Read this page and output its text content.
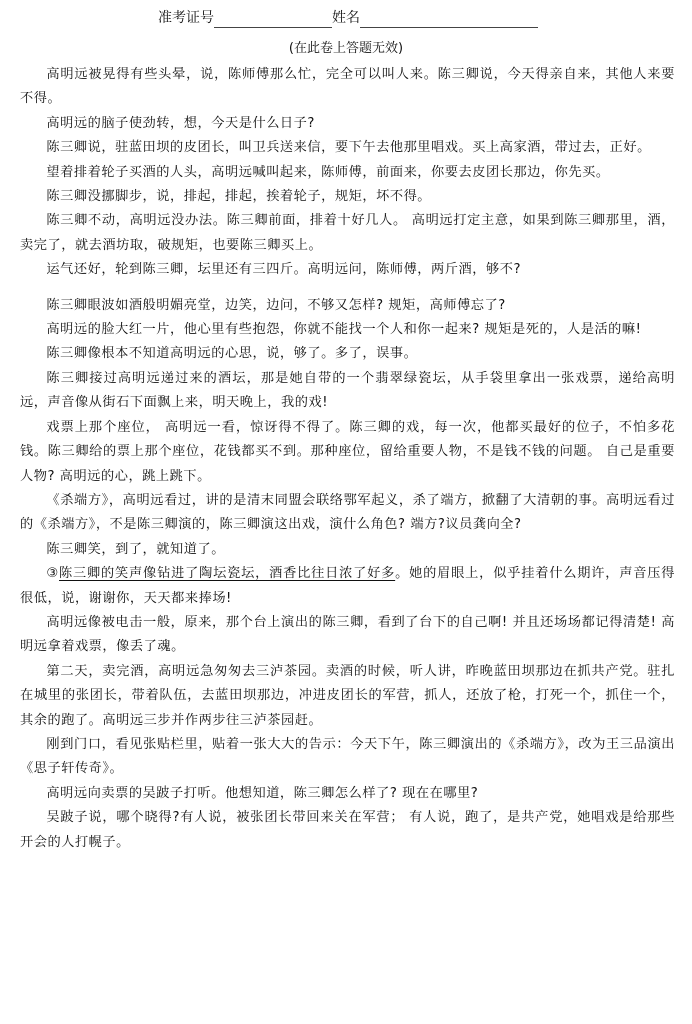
准考证号	姓名
(在此卷上答题无效)

高明远被晃得有些头晕，说，陈师傅那么忙，完全可以叫人来。陈三卿说，今天得亲自来，其他人来要不得。

高明远的脑子使劲转，想，今天是什么日子?

陈三卿说，驻蓝田坝的皮团长，叫卫兵送来信，要下午去他那里唱戏。买上高家酒，带过去，正好。

望着排着轮子买酒的人头，高明远喊叫起来，陈师傅，前面来，你要去皮团长那边，你先买。

陈三卿没挪脚步，说，排起，排起，挨着轮子，规矩，坏不得。

陈三卿不动，高明远没办法。陈三卿前面，排着十好几人。 高明远打定主意，如果到陈三卿那里，酒，卖完了，就去酒坊取，破规矩，也要陈三卿买上。

运气还好，轮到陈三卿，坛里还有三四斤。高明远问，陈师傅，两斤酒，够不?

陈三卿眼波如酒般明媚亮堂，边笑，边问，不够又怎样? 规矩，高师傅忘了?

高明远的脸大红一片，他心里有些抱怨，你就不能找一个人和你一起来? 规矩是死的，人是活的嘛!

陈三卿像根本不知道高明远的心思，说，够了。多了，误事。

陈三卿接过高明远递过来的酒坛，那是她自带的一个翡翠绿瓷坛，从手袋里拿出一张戏票，递给高明远，声音像从街石下面飘上来，明天晚上，我的戏!

戏票上那个座位， 高明远一看，惊讶得不得了。陈三卿的戏，每一次，他都买最好的位子，不怕多花钱。陈三卿给的票上那个座位，花钱都买不到。那种座位，留给重要人物，不是钱不钱的问题。 自己是重要人物? 高明远的心，跳上跳下。

《杀端方》，高明远看过，讲的是清末同盟会联络鄂军起义，杀了端方，掀翻了大清朝的事。高明远看过的《杀端方》，不是陈三卿演的，陈三卿演这出戏，演什么角色? 端方?议员龚向全?

陈三卿笑，到了，就知道了。

③陈三卿的笑声像钻进了陶坛瓷坛，酒香比往日浓了好多。她的眉眼上，似乎挂着什么期许，声音压得很低，说，谢谢你，天天都来捧场!

高明远像被电击一般，原来，那个台上演出的陈三卿，看到了台下的自己啊! 并且还场场都记得清楚! 高明远拿着戏票，像丢了魂。

第二天，卖完酒，高明远急匆匆去三泸茶园。卖酒的时候，听人讲，昨晚蓝田坝那边在抓共产党。驻扎在城里的张团长，带着队伍，去蓝田坝那边，冲进皮团长的军营，抓人，还放了枪，打死一个，抓住一个，其余的跑了。高明远三步并作两步往三泸茶园赶。

刚到门口，看见张贴栏里，贴着一张大大的告示：今天下午，陈三卿演出的《杀端方》，改为王三品演出《思子轩传奇》。

高明远向卖票的吴跛子打听。他想知道，陈三卿怎么样了? 现在在哪里?

吴跛子说，哪个晓得?有人说，被张团长带回来关在军营； 有人说，跑了，是共产党，她唱戏是给那些开会的人打幌子。
